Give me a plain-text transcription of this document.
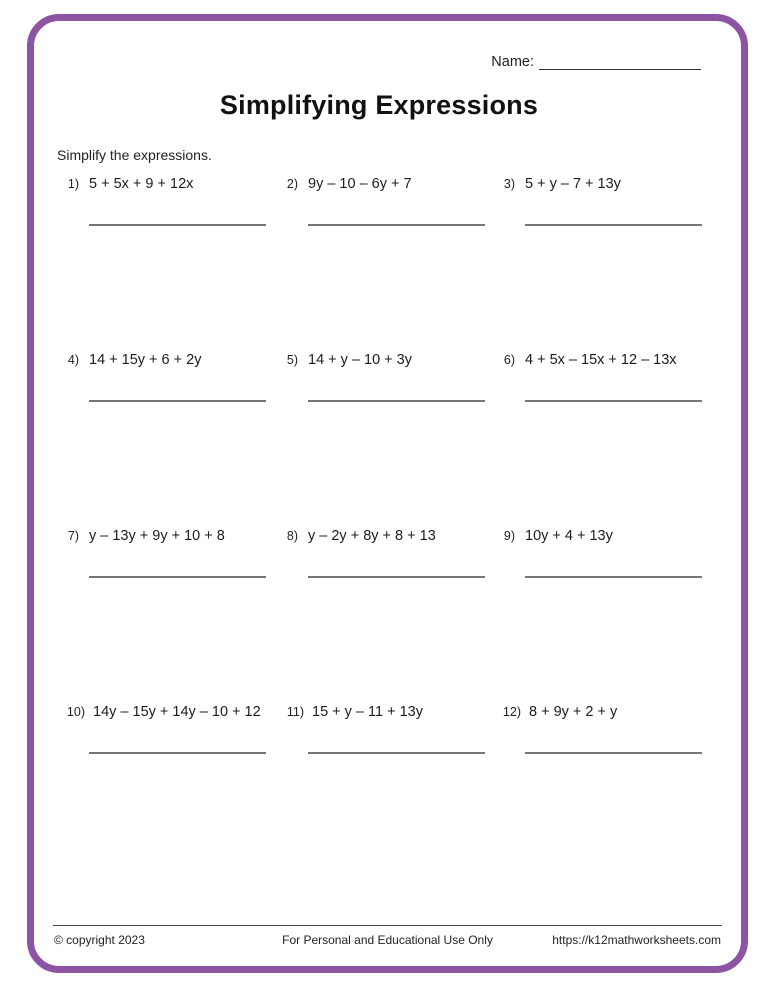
Name:
Simplifying Expressions
Simplify the expressions.
1) 5 + 5x + 9 + 12x	2) 9y – 10 – 6y + 7	3) 5 + y – 7 + 13y
4) 14 + 15y + 6 + 2y	5) 14 + y – 10 + 3y	6) 4 + 5x – 15x + 12 – 13x
7) y – 13y + 9y + 10 + 8	8) y – 2y + 8y + 8 + 13	9) 10y + 4 + 13y
10) 14y – 15y + 14y – 10 + 12	11) 15 + y – 11 + 13y	12) 8 + 9y + 2 + y
© copyright 2023	For Personal and Educational Use Only	https://k12mathworksheets.com
